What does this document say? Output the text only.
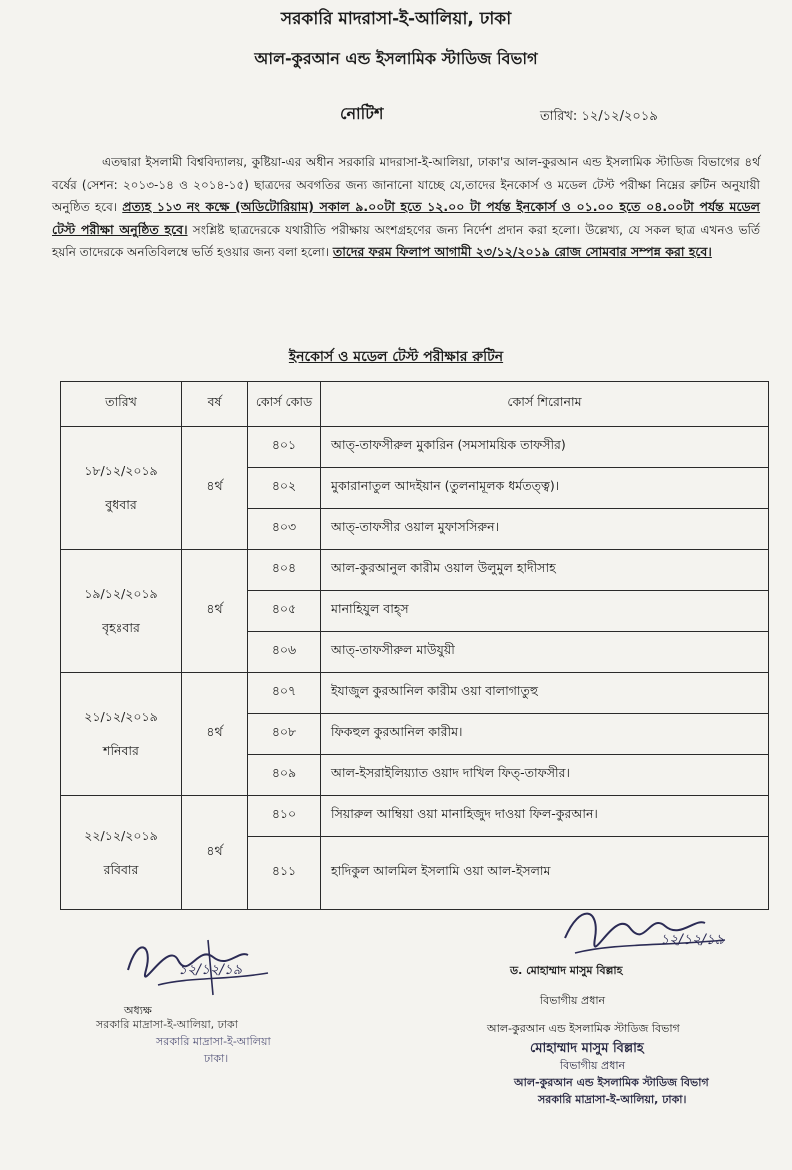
সরকারি মাদরাসা-ই-আলিয়া, ঢাকা
আল-কুরআন এন্ড ইসলামিক স্টাডিজ বিভাগ
নোটিশ	তারিখ: ১২/১২/২০১৯
এতদ্বারা ইসলামী বিশ্ববিদ্যালয়, কুষ্টিয়া-এর অধীন সরকারি মাদরাসা-ই-আলিয়া, ঢাকা'র আল-কুরআন এন্ড ইসলামিক স্টাডিজ বিভাগের ৪র্থ বর্ষের (সেশন: ২০১৩-১৪ ও ২০১৪-১৫) ছাত্রদের অবগতির জন্য জানানো যাচ্ছে যে,তাদের ইনকোর্স ও মডেল টেস্ট পরীক্ষা নিম্নের রুটিন অনুযায়ী অনুষ্ঠিত হবে। প্রত্যহ ১১৩ নং কক্ষে (অডিটোরিয়াম) সকাল ৯.০০টা হতে ১২.০০ টা পর্যন্ত ইনকোর্স ও ০১.০০ হতে ০৪.০০টা পর্যন্ত মডেল টেস্ট পরীক্ষা অনুষ্ঠিত হবে। সংশ্লিষ্ট ছাত্রদেরকে যথারীতি পরীক্ষায় অংশগ্রহণের জন্য নির্দেশ প্রদান করা হলো। উল্লেখ্য, যে সকল ছাত্র এখনও ভর্তি হয়নি তাদেরকে অনতিবিলম্বে ভর্তি হওয়ার জন্য বলা হলো। তাদের ফরম ফিলাপ আগামী ২৩/১২/২০১৯ রোজ সোমবার সম্পন্ন করা হবে।
ইনকোর্স ও মডেল টেস্ট পরীক্ষার রুটিন
তারিখ	বর্ষ	কোর্স কোড	কোর্স শিরোনাম

১৮/১২/২০১৯
বুধবার	৪র্থ	৪০১	আত্-তাফসীরুল মুকারিন (সমসাময়িক তাফসীর)
		৪০২	মুকারানাতুল আদইয়ান (তুলনামূলক ধর্মতত্ত্ব)।
		৪০৩	আত্-তাফসীর ওয়াল মুফাসসিরুন।

১৯/১২/২০১৯
বৃহঃবার	৪র্থ	৪০৪	আল-কুরআনুল কারীম ওয়াল উলুমুল হাদীসাহ
		৪০৫	মানাহিযুল বাহ্স
		৪০৬	আত্-তাফসীরুল মাউযুয়ী

২১/১২/২০১৯
শনিবার	৪র্থ	৪০৭	ইযাজুল কুরআনিল কারীম ওয়া বালাগাতুহু
		৪০৮	ফিকহুল কুরআনিল কারীম।
		৪০৯	আল-ইসরাইলিয়্যাত ওয়াদ দাখিল ফিত্-তাফসীর।

২২/১২/২০১৯
রবিবার	৪র্থ	৪১০	সিয়ারুল আম্বিয়া ওয়া মানাহিজুদ দাওয়া ফিল-কুরআন।
		৪১১	হাদিকুল আলমিল ইসলামি ওয়া আল-ইসলাম
১২/১২/১৯
অধ্যক্ষ
সরকারি মাদ্রাসা-ই-আলিয়া, ঢাকা
সরকারি মাদ্রাসা-ই-আলিয়া
ঢাকা।
১২/১২/১৯
ড. মোহাম্মাদ মাসুম বিল্লাহ
বিভাগীয় প্রধান
আল-কুরআন এন্ড ইসলামিক স্টাডিজ বিভাগ
মোহাম্মাদ মাসুম বিল্লাহ
বিভাগীয় প্রধান
আল-কুরআন এন্ড ইসলামিক স্টাডিজ বিভাগ
সরকারি মাদ্রাসা-ই-আলিয়া, ঢাকা।
